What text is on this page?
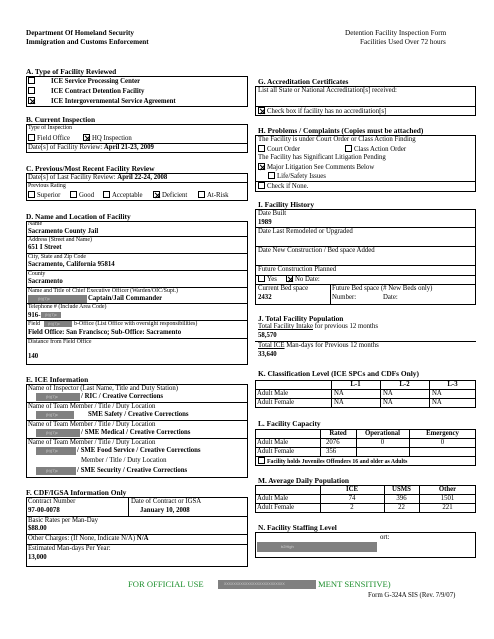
Department Of Homeland Security
Immigration and Customs Enforcement
Detention Facility Inspection Form
Facilities Used Over 72 hours
A. Type of Facility Reviewed
ICE Service Processing Center
ICE Contract Detention Facility
ICE Intergovernmental Service Agreement
B. Current Inspection
Type of Inspection
Field Office	HQ Inspection
Date[s] of Facility Review: April 21-23, 2009
C. Previous/Most Recent Facility Review
Date[s] of Last Facility Review: April 22-24, 2008
Previous Rating
Superior	Good	Acceptable	Deficient	At-Risk
D. Name and Location of Facility
Name
Sacramento County Jail
Address (Street and Name)
651 I Street
City, State and Zip Code
Sacramento, California 95814
County
Sacramento
Name and Title of Chief Executive Officer (Warden/OIC/Supt.)
(b)(7)c	Captain/Jail Commander
Telephone # (Include Area Code)
916-	(b)(7)c
Field	(b)(7)c	b-Office (List Office with oversight responsibilities)
Field Office: San Francisco; Sub-Office: Sacramento
Distance from Field Office
140
E. ICE Information
Name of Inspector (Last Name, Title and Duty Station)
(b)(7)c	/ RIC / Creative Corrections
Name of Team Member / Title / Duty Location
(b)(7)c	SME Safety / Creative Corrections
Name of Team Member / Title / Duty Location
(b)(7)c	/ SME Medical / Creative Corrections
Name of Team Member / Title / Duty Location
(b)(7)c	/ SME Food Service / Creative Corrections
Member / Title / Duty Location
(b)(7)c	/ SME Security / Creative Corrections
F. CDF/IGSA Information Only
Contract Number
97-00-0078
Date of Contract or IGSA
January 10, 2008
Basic Rates per Man-Day
$88.00
Other Charges: (If None, Indicate N/A) N/A
Estimated Man-days Per Year:
13,000
G. Accreditation Certificates
List all State or National Accreditation[s] received:
Check box if facility has no accreditation[s]
H. Problems / Complaints (Copies must be attached)
The Facility is under Court Order or Class Action Finding
Court Order	Class Action Order
The Facility has Significant Litigation Pending
Major Litigation See Comments Below
Life/Safety Issues
Check if None.
I. Facility History
Date Built
1989
Date Last Remodeled or Upgraded
Date New Construction / Bed space Added
Future Construction Planned
Yes	No Date:
Current Bed space
2432
Future Bed space (# New Beds only)
Number:	Date:
J. Total Facility Population
Total Facility Intake for previous 12 months
58,570
Total ICE Man-days for Previous 12 months
33,640
K. Classification Level (ICE SPCs and CDFs Only)
L-1	L-2	L-3
Adult Male	NA	NA	NA
Adult Female	NA	NA	NA
L. Facility Capacity
Rated	Operational	Emergency
Adult Male	2076	0	0
Adult Female	356
Facility holds Juveniles Offenders 16 and older as Adults
M. Average Daily Population
ICE	USMS	Other
Adult Male	74	396	1501
Adult Female	2	22	221
N. Facility Staffing Level
ort:
b2High
FOR OFFICIAL USE	XXXXXXXXXXXXXXXXXXXXXXXXXX	MENT SENSITIVE)
Form G-324A SIS (Rev. 7/9/07)
